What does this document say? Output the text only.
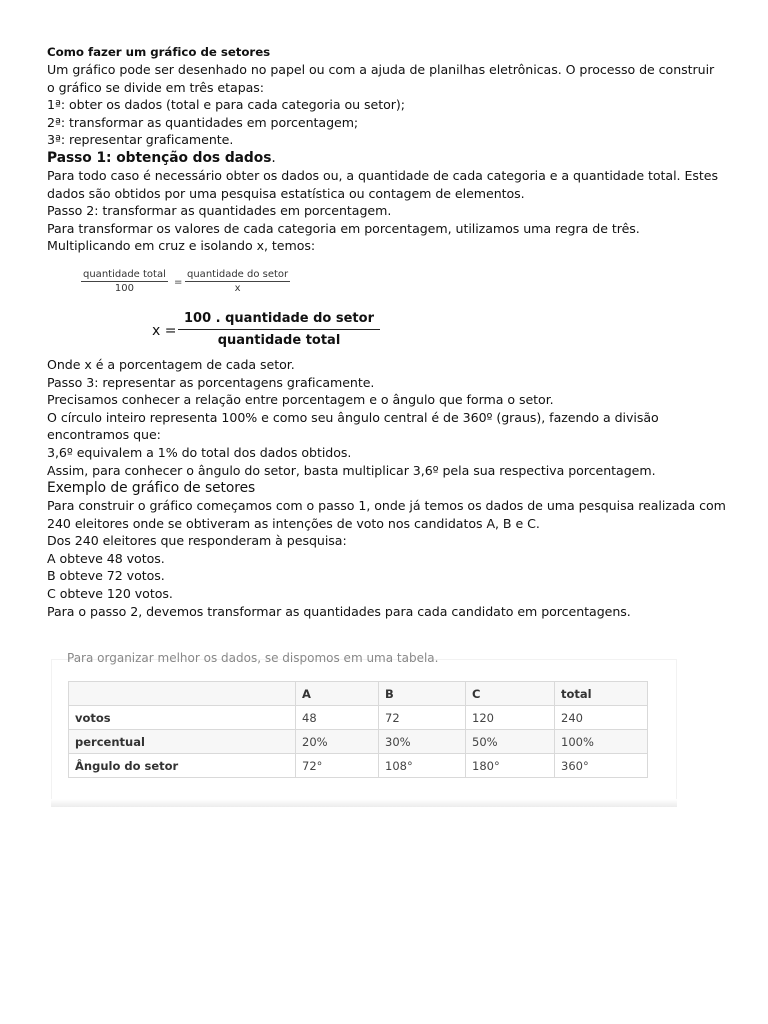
Como fazer um gráfico de setores
Um gráfico pode ser desenhado no papel ou com a ajuda de planilhas eletrônicas. O processo de construir
o gráfico se divide em três etapas:
1ª: obter os dados (total e para cada categoria ou setor);
2ª: transformar as quantidades em porcentagem;
3ª: representar graficamente.
Passo 1: obtenção dos dados.
Para todo caso é necessário obter os dados ou, a quantidade de cada categoria e a quantidade total. Estes
dados são obtidos por uma pesquisa estatística ou contagem de elementos.
Passo 2: transformar as quantidades em porcentagem.
Para transformar os valores de cada categoria em porcentagem, utilizamos uma regra de três.
Multiplicando em cruz e isolando x, temos:
quantidade total
100
=
quantidade do setor
x
x =
100 . quantidade do setor
quantidade total
Onde x é a porcentagem de cada setor.
Passo 3: representar as porcentagens graficamente.
Precisamos conhecer a relação entre porcentagem e o ângulo que forma o setor.
O círculo inteiro representa 100% e como seu ângulo central é de 360º (graus), fazendo a divisão
encontramos que:
3,6º equivalem a 1% do total dos dados obtidos.
Assim, para conhecer o ângulo do setor, basta multiplicar 3,6º pela sua respectiva porcentagem.
Exemplo de gráfico de setores
Para construir o gráfico começamos com o passo 1, onde já temos os dados de uma pesquisa realizada com
240 eleitores onde se obtiveram as intenções de voto nos candidatos A, B e C.
Dos 240 eleitores que responderam à pesquisa:
A obteve 48 votos.
B obteve 72 votos.
C obteve 120 votos.
Para o passo 2, devemos transformar as quantidades para cada candidato em porcentagens.
Para organizar melhor os dados, se dispomos em uma tabela.
	A	B	C	total
votos	48	72	120	240
percentual	20%	30%	50%	100%
Ângulo do setor	72°	108°	180°	360°
